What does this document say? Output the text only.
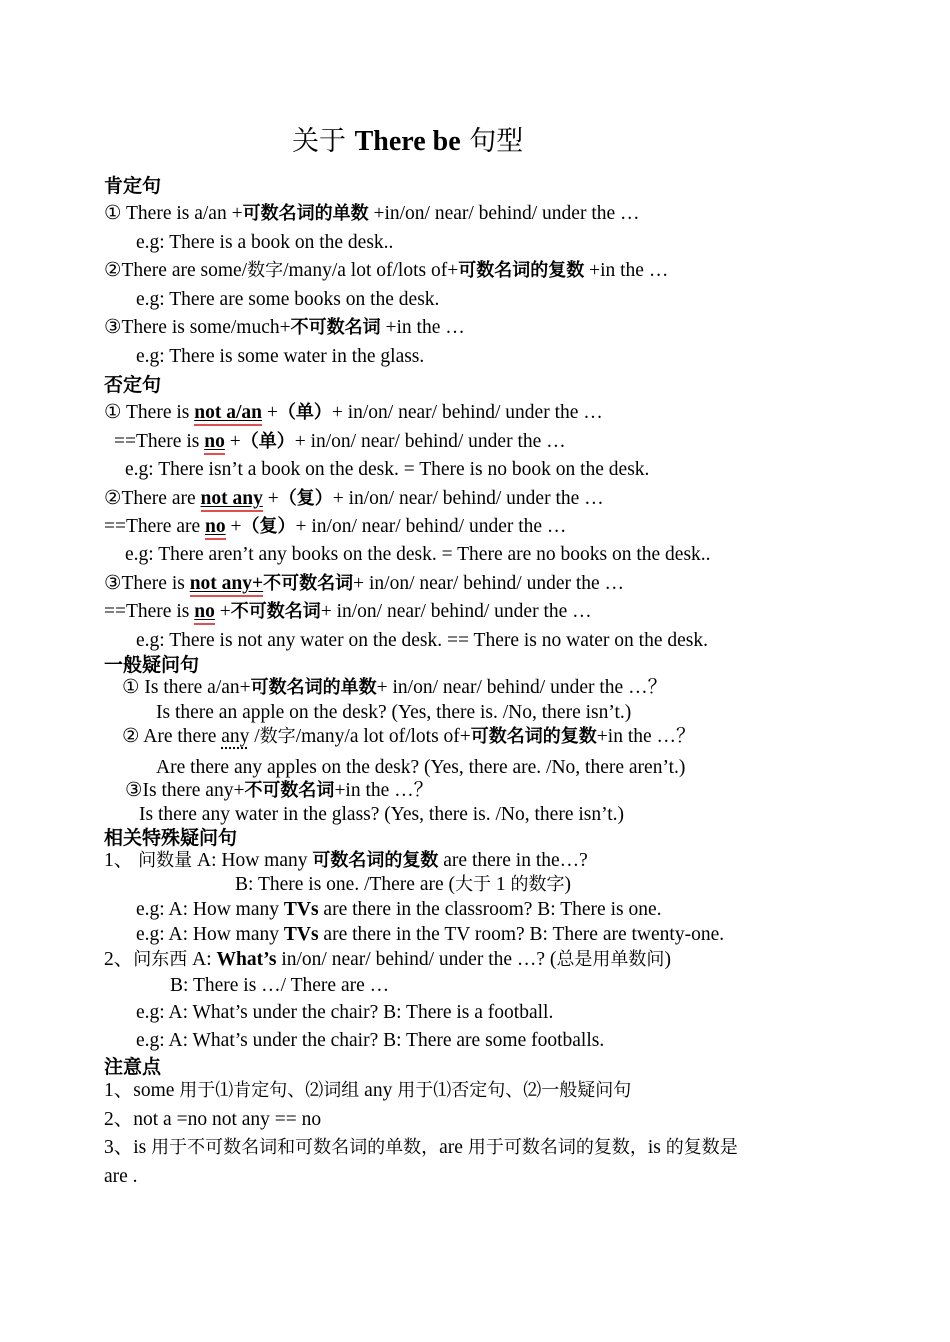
关于 There be 句型
肯定句
① There is a/an +可数名词的单数 +in/on/ near/ behind/ under the …
e.g: There is a book on the desk..
②There are some/数字/many/a lot of/lots of+可数名词的复数 +in the …
e.g: There are some books on the desk.
③There is some/much+不可数名词 +in the …
e.g: There is some water in the glass.
否定句
① There is not a/an +（单）+ in/on/ near/ behind/ under the …
==There is no +（单）+ in/on/ near/ behind/ under the …
e.g: There isn’t a book on the desk. = There is no book on the desk.
②There are not any +（复）+ in/on/ near/ behind/ under the …
==There are no +（复）+ in/on/ near/ behind/ under the …
e.g: There aren’t any books on the desk. = There are no books on the desk..
③There is not any+不可数名词+ in/on/ near/ behind/ under the …
==There is no +不可数名词+ in/on/ near/ behind/ under the …
e.g: There is not any water on the desk. == There is no water on the desk.
一般疑问句
① Is there a/an+可数名词的单数+ in/on/ near/ behind/ under the …？
Is there an apple on the desk? (Yes, there is. /No, there isn’t.)
② Are there any /数字/many/a lot of/lots of+可数名词的复数+in the …？
Are there any apples on the desk? (Yes, there are. /No, there aren’t.)
③Is there any+不可数名词+in the …？
Is there any water in the glass? (Yes, there is. /No, there isn’t.)
相关特殊疑问句
1、 问数量 A: How many 可数名词的复数 are there in the…?
B: There is one. /There are (大于 1 的数字)
e.g: A: How many TVs are there in the classroom? B: There is one.
e.g: A: How many TVs are there in the TV room? B: There are twenty-one.
2、问东西 A: What’s in/on/ near/ behind/ under the …? (总是用单数问)
B: There is …/ There are …
e.g: A: What’s under the chair? B: There is a football.
e.g: A: What’s under the chair? B: There are some footballs.
注意点
1、some 用于⑴肯定句、⑵词组 any 用于⑴否定句、⑵一般疑问句
2、not a =no not any == no
3、is 用于不可数名词和可数名词的单数，are 用于可数名词的复数，is 的复数是
are .
